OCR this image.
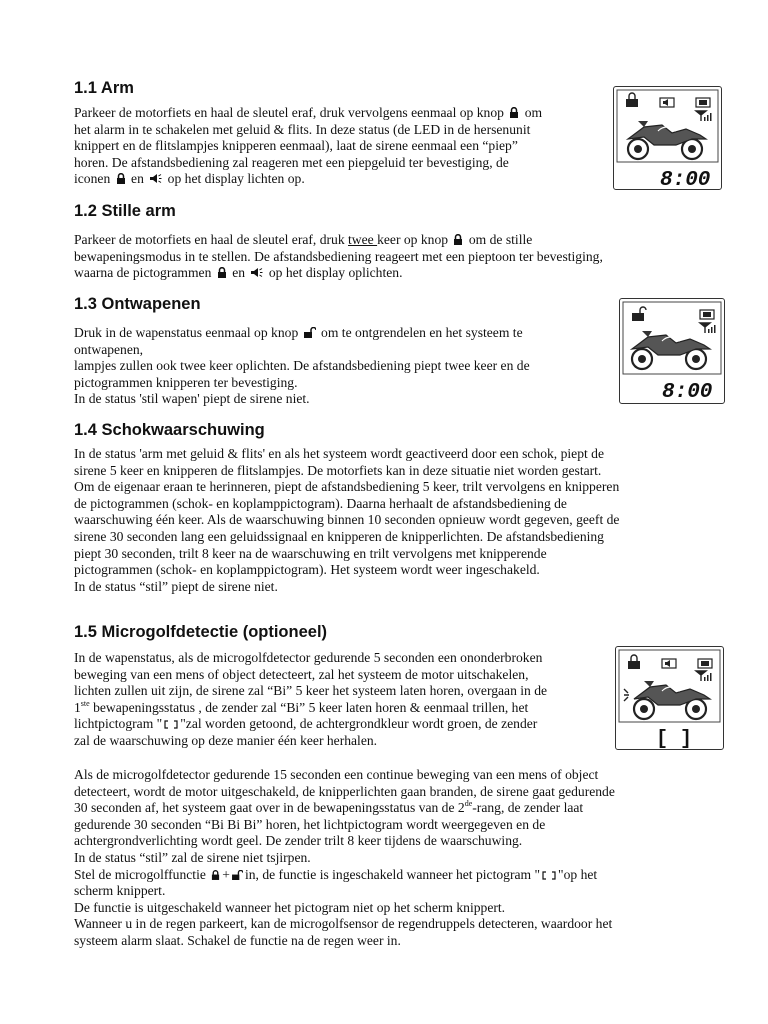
1.1 Arm
Parkeer de motorfiets en haal de sleutel eraf, druk vervolgens eenmaal op knop  om
het alarm in te schakelen met geluid & flits. In deze status (de LED in de hersenunit
knippert en de flitslampjes knipperen eenmaal), laat de sirene eenmaal een “piep”
horen. De afstandsbediening zal reageren met een piepgeluid ter bevestiging, de
iconen  en  op het display lichten op.	8:00
1.2 Stille arm
Parkeer de motorfiets en haal de sleutel eraf, druk twee keer op knop  om de stille
bewapeningsmodus in te stellen. De afstandsbediening reageert met een pieptoon ter bevestiging,
waarna de pictogrammen  en  op het display oplichten.
1.3 Ontwapenen
Druk in de wapenstatus eenmaal op knop  om te ontgrendelen en het systeem te
ontwapenen,
lampjes zullen ook twee keer oplichten. De afstandsbediening piept twee keer en de
pictogrammen knipperen ter bevestiging.
In de status 'stil wapen' piept de sirene niet.	8:00
1.4 Schokwaarschuwing
In de status 'arm met geluid & flits' en als het systeem wordt geactiveerd door een schok, piept de
sirene 5 keer en knipperen de flitslampjes. De motorfiets kan in deze situatie niet worden gestart.
Om de eigenaar eraan te herinneren, piept de afstandsbediening 5 keer, trilt vervolgens en knipperen
de pictogrammen (schok- en koplamppictogram). Daarna herhaalt de afstandsbediening de
waarschuwing één keer. Als de waarschuwing binnen 10 seconden opnieuw wordt gegeven, geeft de
sirene 30 seconden lang een geluidssignaal en knipperen de knipperlichten. De afstandsbediening
piept 30 seconden, trilt 8 keer na de waarschuwing en trilt vervolgens met knipperende
pictogrammen (schok- en koplamppictogram). Het systeem wordt weer ingeschakeld.
In de status “stil” piept de sirene niet.
1.5 Microgolfdetectie (optioneel)
In de wapenstatus, als de microgolfdetector gedurende 5 seconden een ononderbroken
beweging van een mens of object detecteert, zal het systeem de motor uitschakelen,
lichten zullen uit zijn, de sirene zal “Bi” 5 keer het systeem laten horen, overgaan in de
1ste bewapeningsstatus , de zender zal “Bi” 5 keer laten horen & eenmaal trillen, het
lichtpictogram " "zal worden getoond, de achtergrondkleur wordt groen, de zender
zal de waarschuwing op deze manier één keer herhalen.	[ ]
Als de microgolfdetector gedurende 15 seconden een continue beweging van een mens of object
detecteert, wordt de motor uitgeschakeld, de knipperlichten gaan branden, de sirene gaat gedurende
30 seconden af, het systeem gaat over in de bewapeningsstatus van de 2de-rang, de zender laat
gedurende 30 seconden “Bi Bi Bi” horen, het lichtpictogram wordt weergegeven en de
achtergrondverlichting wordt geel. De zender trilt 8 keer tijdens de waarschuwing.
In de status “stil” zal de sirene niet tsjirpen.
Stel de microgolffunctie + in, de functie is ingeschakeld wanneer het pictogram " "op het
scherm knippert.
De functie is uitgeschakeld wanneer het pictogram niet op het scherm knippert.
Wanneer u in de regen parkeert, kan de microgolfsensor de regendruppels detecteren, waardoor het
systeem alarm slaat. Schakel de functie na de regen weer in.
